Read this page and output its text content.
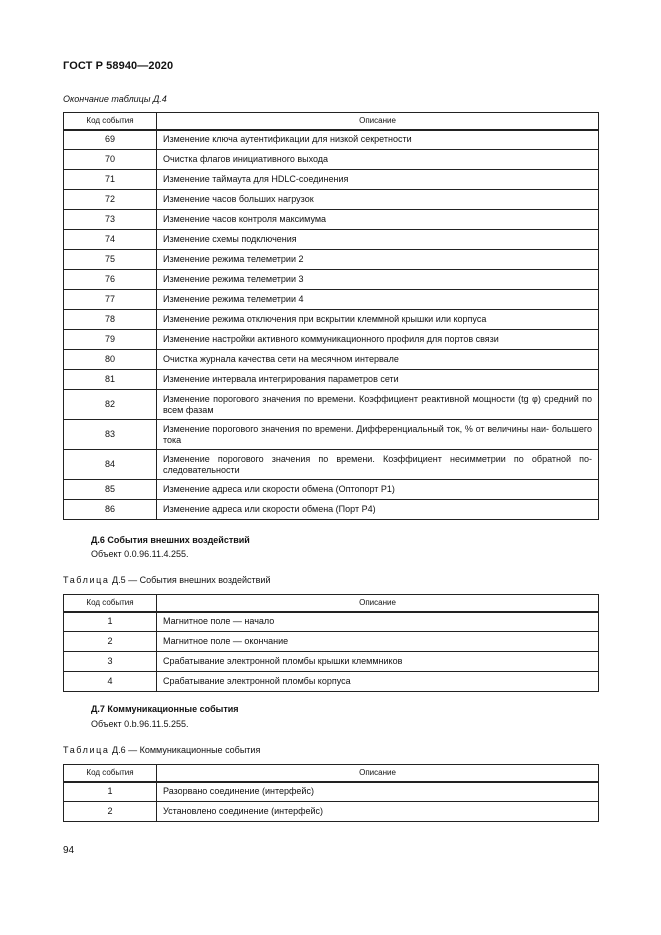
ГОСТ Р 58940—2020
Окончание таблицы Д.4
Код события	Описание
69	Изменение ключа аутентификации для низкой секретности
70	Очистка флагов инициативного выхода
71	Изменение таймаута для HDLC-соединения
72	Изменение часов больших нагрузок
73	Изменение часов контроля максимума
74	Изменение схемы подключения
75	Изменение режима телеметрии 2
76	Изменение режима телеметрии 3
77	Изменение режима телеметрии 4
78	Изменение режима отключения при вскрытии клеммной крышки или корпуса
79	Изменение настройки активного коммуникационного профиля для портов связи
80	Очистка журнала качества сети на месячном интервале
81	Изменение интервала интегрирования параметров сети
82	Изменение порогового значения по времени. Коэффициент реактивной мощности (tg φ) средний по всем фазам
83	Изменение порогового значения по времени. Дифференциальный ток, % от величины наи- большего тока
84	Изменение порогового значения по времени. Коэффициент несимметрии по обратной по- следовательности
85	Изменение адреса или скорости обмена (Оптопорт Р1)
86	Изменение адреса или скорости обмена (Порт Р4)
Д.6 События внешних воздействий
Объект 0.0.96.11.4.255.
Таблица Д.5 — События внешних воздействий
Код события	Описание
1	Магнитное поле — начало
2	Магнитное поле — окончание
3	Срабатывание электронной пломбы крышки клеммников
4	Срабатывание электронной пломбы корпуса
Д.7 Коммуникационные события
Объект 0.b.96.11.5.255.
Таблица Д.6 — Коммуникационные события
Код события	Описание
1	Разорвано соединение (интерфейс)
2	Установлено соединение (интерфейс)
94
